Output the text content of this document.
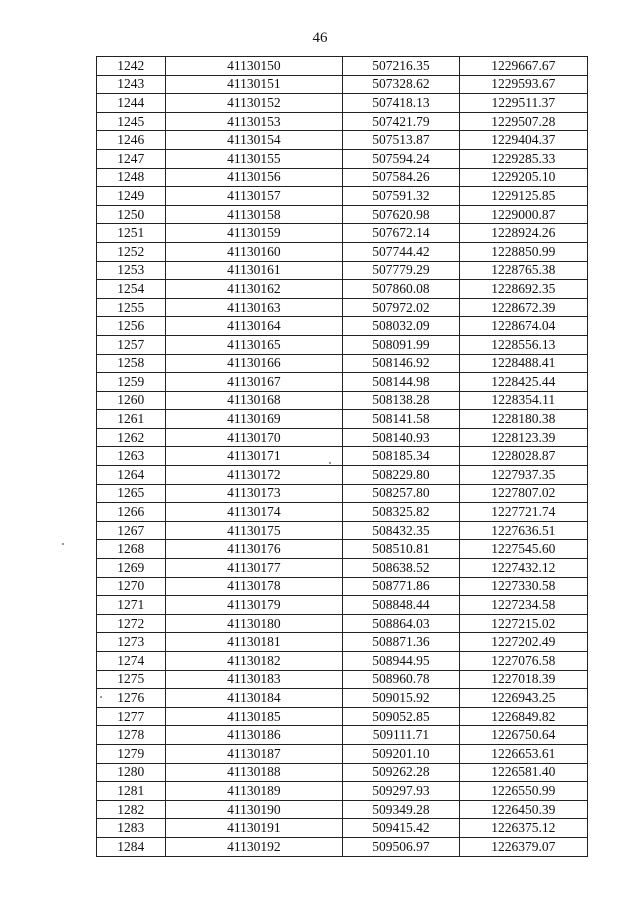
46
1242	41130150	507216.35	1229667.67
1243	41130151	507328.62	1229593.67
1244	41130152	507418.13	1229511.37
1245	41130153	507421.79	1229507.28
1246	41130154	507513.87	1229404.37
1247	41130155	507594.24	1229285.33
1248	41130156	507584.26	1229205.10
1249	41130157	507591.32	1229125.85
1250	41130158	507620.98	1229000.87
1251	41130159	507672.14	1228924.26
1252	41130160	507744.42	1228850.99
1253	41130161	507779.29	1228765.38
1254	41130162	507860.08	1228692.35
1255	41130163	507972.02	1228672.39
1256	41130164	508032.09	1228674.04
1257	41130165	508091.99	1228556.13
1258	41130166	508146.92	1228488.41
1259	41130167	508144.98	1228425.44
1260	41130168	508138.28	1228354.11
1261	41130169	508141.58	1228180.38
1262	41130170	508140.93	1228123.39
1263	41130171	508185.34	1228028.87
1264	41130172	508229.80	1227937.35
1265	41130173	508257.80	1227807.02
1266	41130174	508325.82	1227721.74
1267	41130175	508432.35	1227636.51
1268	41130176	508510.81	1227545.60
1269	41130177	508638.52	1227432.12
1270	41130178	508771.86	1227330.58
1271	41130179	508848.44	1227234.58
1272	41130180	508864.03	1227215.02
1273	41130181	508871.36	1227202.49
1274	41130182	508944.95	1227076.58
1275	41130183	508960.78	1227018.39
1276	41130184	509015.92	1226943.25
1277	41130185	509052.85	1226849.82
1278	41130186	509111.71	1226750.64
1279	41130187	509201.10	1226653.61
1280	41130188	509262.28	1226581.40
1281	41130189	509297.93	1226550.99
1282	41130190	509349.28	1226450.39
1283	41130191	509415.42	1226375.12
1284	41130192	509506.97	1226379.07
